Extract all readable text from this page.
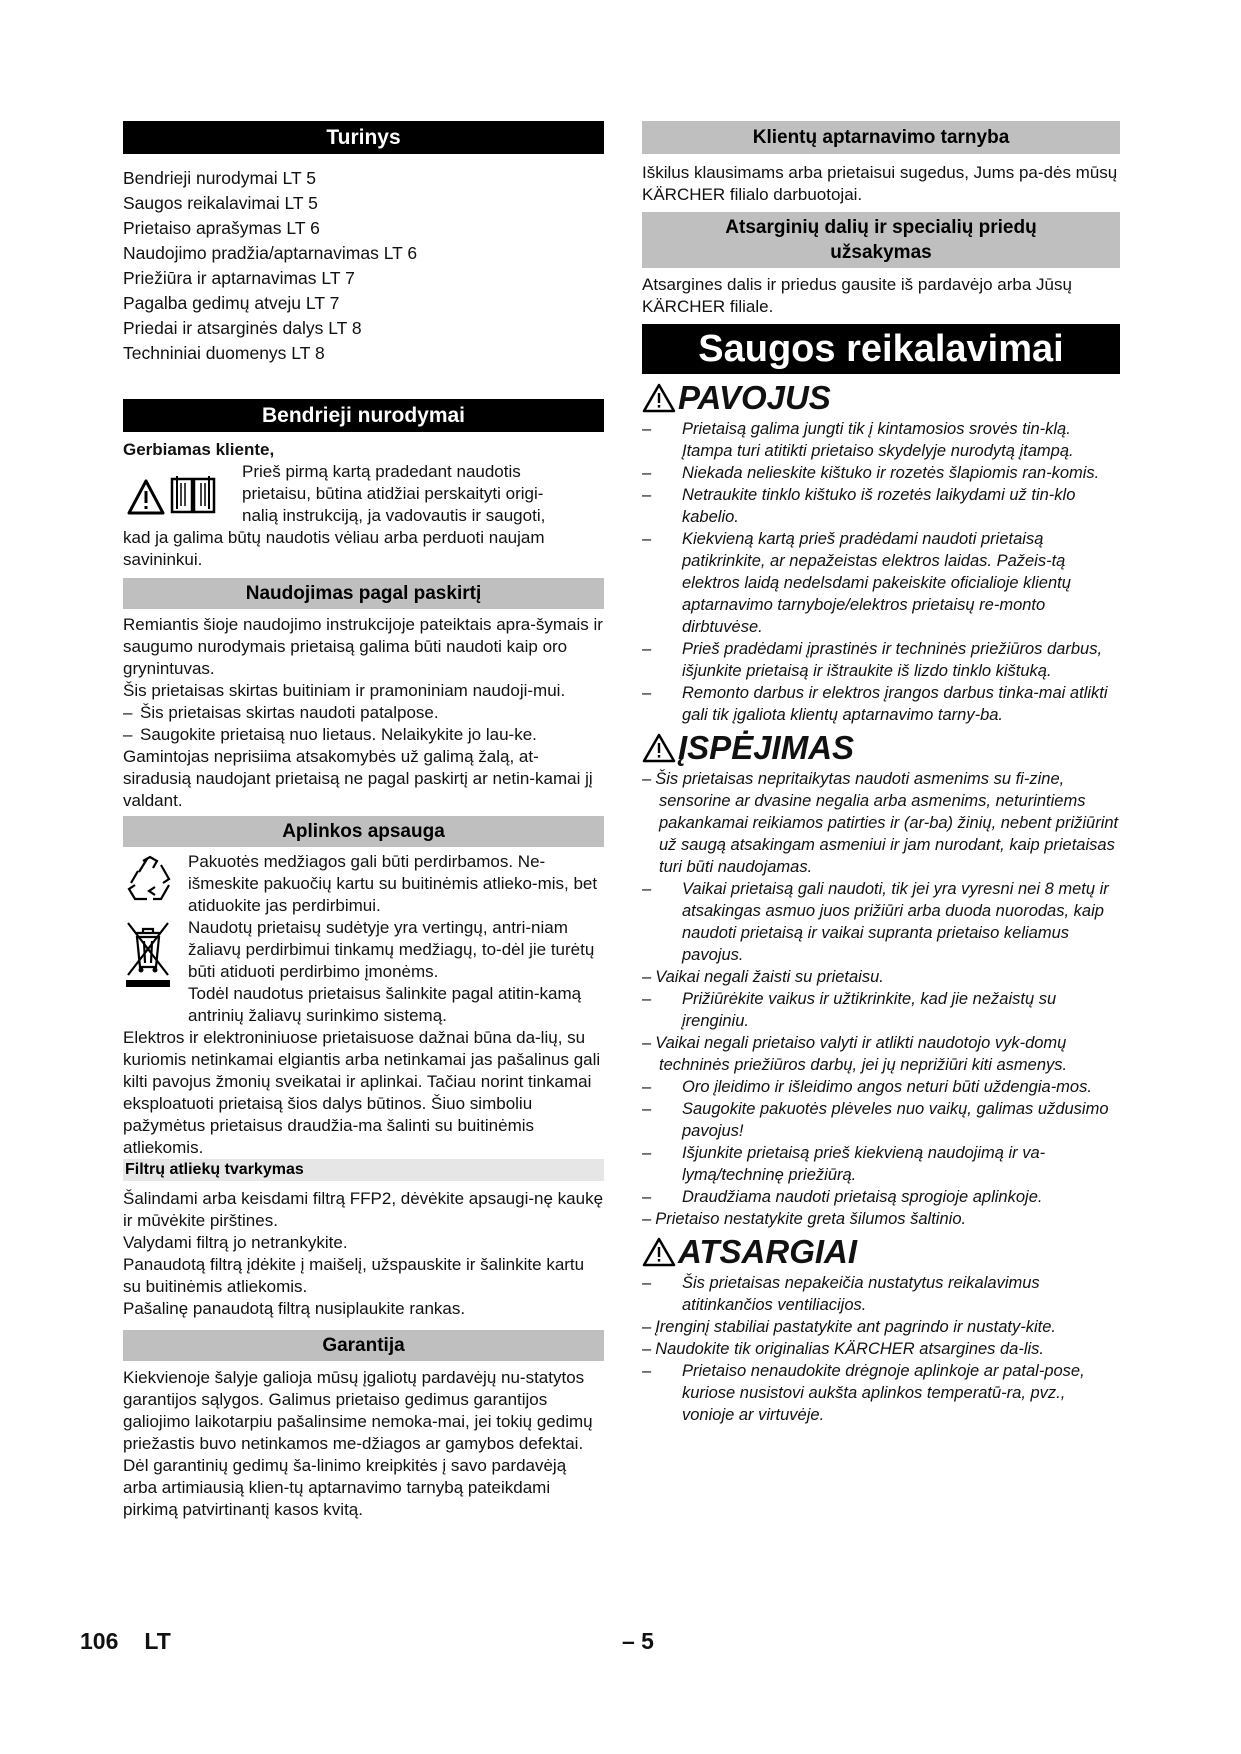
Turinys

Bendrieji nurodymai LT 5

Saugos reikalavimai LT 5

Prietaiso aprašymas LT 6

Naudojimo pradžia/aptarnavimas LT 6

Priežiūra ir aptarnavimas LT 7

Pagalba gedimų atveju LT 7

Priedai ir atsarginės dalys LT 8

Techniniai duomenys LT 8

Bendrieji nurodymai
Gerbiamas kliente,

Prieš pirmą kartą pradedant naudotis

prietaisu, būtina atidžiai perskaityti origi-

nalią instrukciją, ja vadovautis ir saugoti,

kad ja galima būtų naudotis vėliau arba perduoti naujam savininkui.

Naudojimas pagal paskirtį

Remiantis šioje naudojimo instrukcijoje pateiktais apra-šymais ir saugumo nurodymais prietaisą galima būti naudoti kaip oro grynintuvas.

Šis prietaisas skirtas buitiniam ir pramoniniam naudoji-mui.

– Šis prietaisas skirtas naudoti patalpose.

– Saugokite prietaisą nuo lietaus. Nelaikykite jo lau-ke.

Gamintojas neprisiima atsakomybės už galimą žalą, at-siradusią naudojant prietaisą ne pagal paskirtį ar netin-kamai jį valdant.

Aplinkos apsauga

Pakuotės medžiagos gali būti perdirbamos. Ne-išmeskite pakuočių kartu su buitinėmis atlieko-mis, bet atiduokite jas perdirbimui.

Naudotų prietaisų sudėtyje yra vertingų, antri-niam žaliavų perdirbimui tinkamų medžiagų, to-dėl jie turėtų būti atiduoti perdirbimo įmonėms.

Todėl naudotus prietaisus šalinkite pagal atitin-kamą antrinių žaliavų surinkimo sistemą.

Elektros ir elektroniniuose prietaisuose dažnai būna da-lių, su kuriomis netinkamai elgiantis arba netinkamai jas pašalinus gali kilti pavojus žmonių sveikatai ir aplinkai. Tačiau norint tinkamai eksploatuoti prietaisą šios dalys būtinos. Šiuo simboliu pažymėtus prietaisus draudžia-ma šalinti su buitinėmis atliekomis.

Filtrų atliekų tvarkymas

Šalindami arba keisdami filtrą FFP2, dėvėkite apsaugi-nę kaukę ir mūvėkite pirštines.

Valydami filtrą jo netrankykite.

Panaudotą filtrą įdėkite į maišelį, užspauskite ir šalinkite kartu su buitinėmis atliekomis.

Pašalinę panaudotą filtrą nusiplaukite rankas.

Garantija

Kiekvienoje šalyje galioja mūsų įgaliotų pardavėjų nu-statytos garantijos sąlygos. Galimus prietaiso gedimus garantijos galiojimo laikotarpiu pašalinsime nemoka-mai, jei tokių gedimų priežastis buvo netinkamos me-džiagos ar gamybos defektai. Dėl garantinių gedimų ša-linimo kreipkitės į savo pardavėją arba artimiausią klien-tų aptarnavimo tarnybą pateikdami pirkimą patvirtinantį kasos kvitą.

Klientų aptarnavimo tarnyba

Iškilus klausimams arba prietaisui sugedus, Jums pa-dės mūsų KÄRCHER filialo darbuotojai.

Atsarginių dalių ir specialių priedų
užsakymas

Atsargines dalis ir priedus gausite iš pardavėjo arba Jūsų KÄRCHER filiale.

Saugos reikalavimai
PAVOJUS
– Prietaisą galima jungti tik į kintamosios srovės tin-klą. Įtampa turi atitikti prietaiso skydelyje nurodytą įtampą.
– Niekada nelieskite kištuko ir rozetės šlapiomis ran-komis.
– Netraukite tinklo kištuko iš rozetės laikydami už tin-klo kabelio.
– Kiekvieną kartą prieš pradėdami naudoti prietaisą patikrinkite, ar nepažeistas elektros laidas. Pažeis-tą elektros laidą nedelsdami pakeiskite oficialioje klientų aptarnavimo tarnyboje/elektros prietaisų re-monto dirbtuvėse.
– Prieš pradėdami įprastinės ir techninės priežiūros darbus, išjunkite prietaisą ir ištraukite iš lizdo tinklo kištuką.
– Remonto darbus ir elektros įrangos darbus tinka-mai atlikti gali tik įgaliota klientų aptarnavimo tarny-ba.
ĮSPĖJIMAS
– Šis prietaisas nepritaikytas naudoti asmenims su fi-zine, sensorine ar dvasine negalia arba asmenims, neturintiems pakankamai reikiamos patirties ir (ar-ba) žinių, nebent prižiūrint už saugą atsakingam asmeniui ir jam nurodant, kaip prietaisas turi būti naudojamas.
– Vaikai prietaisą gali naudoti, tik jei yra vyresni nei 8 metų ir atsakingas asmuo juos prižiūri arba duoda nuorodas, kaip naudoti prietaisą ir vaikai supranta prietaiso keliamus pavojus.
– Vaikai negali žaisti su prietaisu.
– Prižiūrėkite vaikus ir užtikrinkite, kad jie nežaistų su įrenginiu.
– Vaikai negali prietaiso valyti ir atlikti naudotojo vyk-domų techninės priežiūros darbų, jei jų neprižiūri kiti asmenys.
– Oro įleidimo ir išleidimo angos neturi būti uždengia-mos.
– Saugokite pakuotės plėveles nuo vaikų, galimas uždusimo pavojus!
– Išjunkite prietaisą prieš kiekvieną naudojimą ir va-lymą/techninę priežiūrą.
– Draudžiama naudoti prietaisą sprogioje aplinkoje.
– Prietaiso nestatykite greta šilumos šaltinio.
ATSARGIAI
– Šis prietaisas nepakeičia nustatytus reikalavimus atitinkančios ventiliacijos.
– Įrenginį stabiliai pastatykite ant pagrindo ir nustaty-kite.
– Naudokite tik originalias KÄRCHER atsargines da-lis.
– Prietaiso nenaudokite drėgnoje aplinkoje ar patal-pose, kuriose nusistovi aukšta aplinkos temperatū-ra, pvz., vonioje ar virtuvėje.
106 LT	– 5
